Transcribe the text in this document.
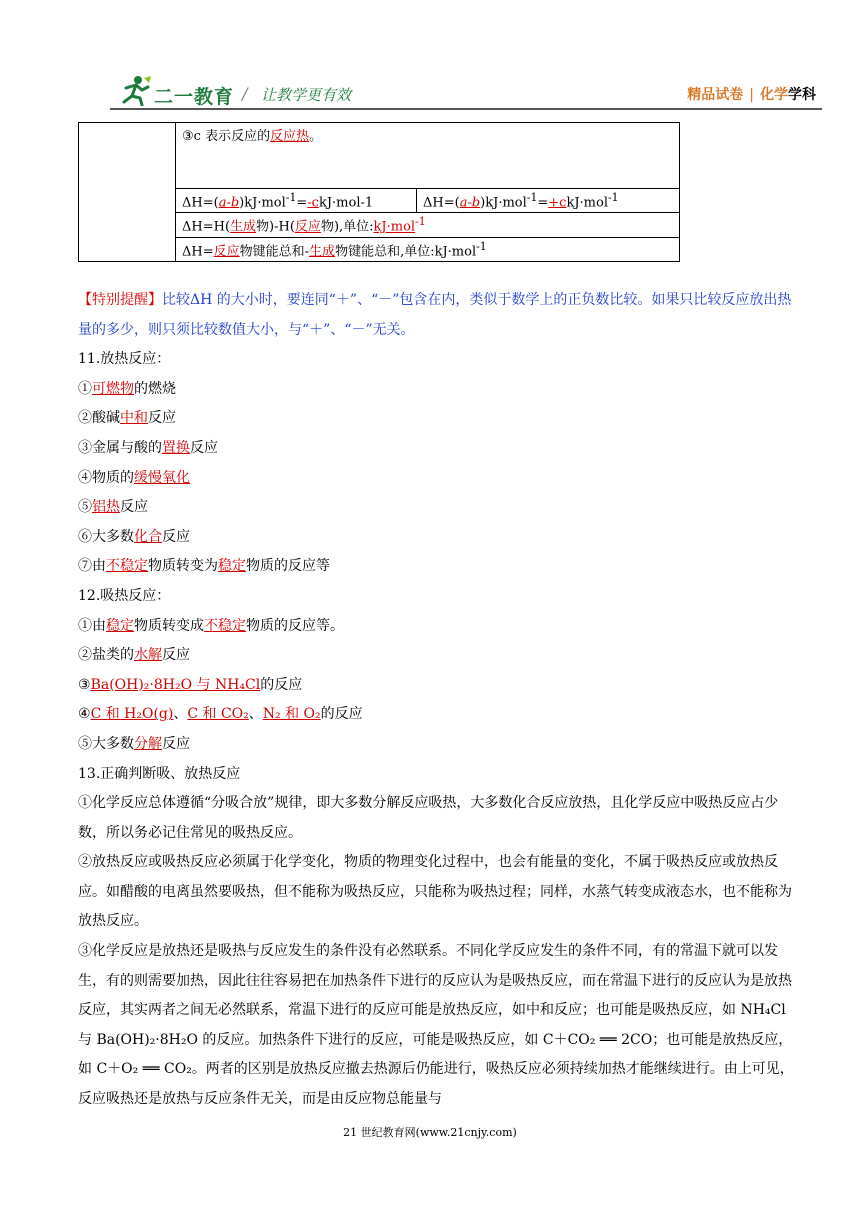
二一教育 / 让教学更有效	精品试卷 | 化学学科
	③c 表示反应的反应热。	
	ΔH=(a-b)kJ·mol$^{-1}$=-ckJ·mol-1	ΔH=(a-b)kJ·mol$^{-1}$=+ckJ·mol$^{-1}$
	ΔH=H(生成物)-H(反应物),单位:kJ·mol$^{-1}$
	ΔH=反应物键能总和-生成物键能总和,单位:kJ·mol$^{-1}$

【特别提醒】比较ΔH 的大小时，要连同“＋”、“－”包含在内，类似于数学上的正负数比较。如果只比较反应放出热量的多少，则只须比较数值大小，与“＋”、“－”无关。

11.放热反应：

①可燃物的燃烧

②酸碱中和反应

③金属与酸的置换反应

④物质的缓慢氧化

⑤铝热反应

⑥大多数化合反应

⑦由不稳定物质转变为稳定物质的反应等

12.吸热反应：

①由稳定物质转变成不稳定物质的反应等。

②盐类的水解反应

③Ba(OH)₂·8H₂O 与 NH₄Cl的反应

④C 和 H₂O(g)、C 和 CO₂、N₂ 和 O₂的反应

⑤大多数分解反应

13.正确判断吸、放热反应

①化学反应总体遵循“分吸合放”规律，即大多数分解反应吸热，大多数化合反应放热，且化学反应中吸热反应占少数，所以务必记住常见的吸热反应。

②放热反应或吸热反应必须属于化学变化，物质的物理变化过程中，也会有能量的变化，不属于吸热反应或放热反应。如醋酸的电离虽然要吸热，但不能称为吸热反应，只能称为吸热过程；同样，水蒸气转变成液态水，也不能称为放热反应。

③化学反应是放热还是吸热与反应发生的条件没有必然联系。不同化学反应发生的条件不同，有的常温下就可以发生，有的则需要加热，因此往往容易把在加热条件下进行的反应认为是吸热反应，而在常温下进行的反应认为是放热反应，其实两者之间无必然联系，常温下进行的反应可能是放热反应，如中和反应；也可能是吸热反应，如 NH₄Cl 与 Ba(OH)₂·8H₂O 的反应。加热条件下进行的反应，可能是吸热反应，如 C＋CO₂ ══ 2CO；也可能是放热反应，如 C＋O₂ ══ CO₂。两者的区别是放热反应撤去热源后仍能进行，吸热反应必须持续加热才能继续进行。由上可见，反应吸热还是放热与反应条件无关，而是由反应物总能量与

21 世纪教育网(www.21cnjy.com)
